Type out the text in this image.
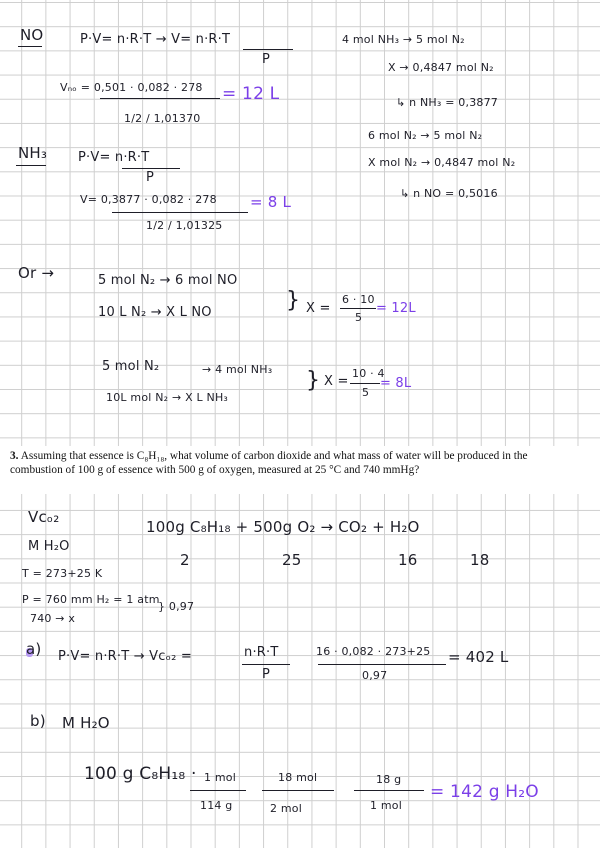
NO	P·V= n·R·T → V= n·R·T
P
Vₙₒ = 0,501 · 0,082 · 278
1/2 / 1,01370
= 12 L
NH₃ P·V= n·R·T
P
V= 0,3877 · 0,082 · 278
1/2 / 1,01325
= 8 L
4 mol NH₃ → 5 mol N₂
X → 0,4847 mol N₂
↳ n NH₃ = 0,3877
6 mol N₂ → 5 mol N₂
X mol N₂ → 0,4847 mol N₂
↳ n NO = 0,5016
Or →	5 mol N₂ → 6 mol NO
10 L N₂ → X L NO	} X =
6 · 10
5
= 12L
5 mol N₂	→ 4 mol NH₃
10L mol N₂ → X L NH₃
} X =
10 · 4
5
= 8L

3. Assuming that essence is C₈H₁₈, what volume of carbon dioxide and what mass of water will be produced in the combustion of 100 g of essence with 500 g of oxygen, measured at 25 °C and 740 mmHg?

Vᴄₒ₂
M H₂O
T = 273+25 K
P = 760 mm H₂ = 1 atm
740 → x
} 0,97
100g C₈H₁₈ + 500g O₂ → CO₂ + H₂O
2	25	16	18
a) P·V= n·R·T → Vᴄₒ₂ =	n·R·T
P
16 · 0,082 · 273+25
0,97
= 402 L
b) M H₂O
100 g C₈H₁₈ · 1 mol
114 g
18 mol
2 mol
18 g
1 mol
= 142 g H₂O
